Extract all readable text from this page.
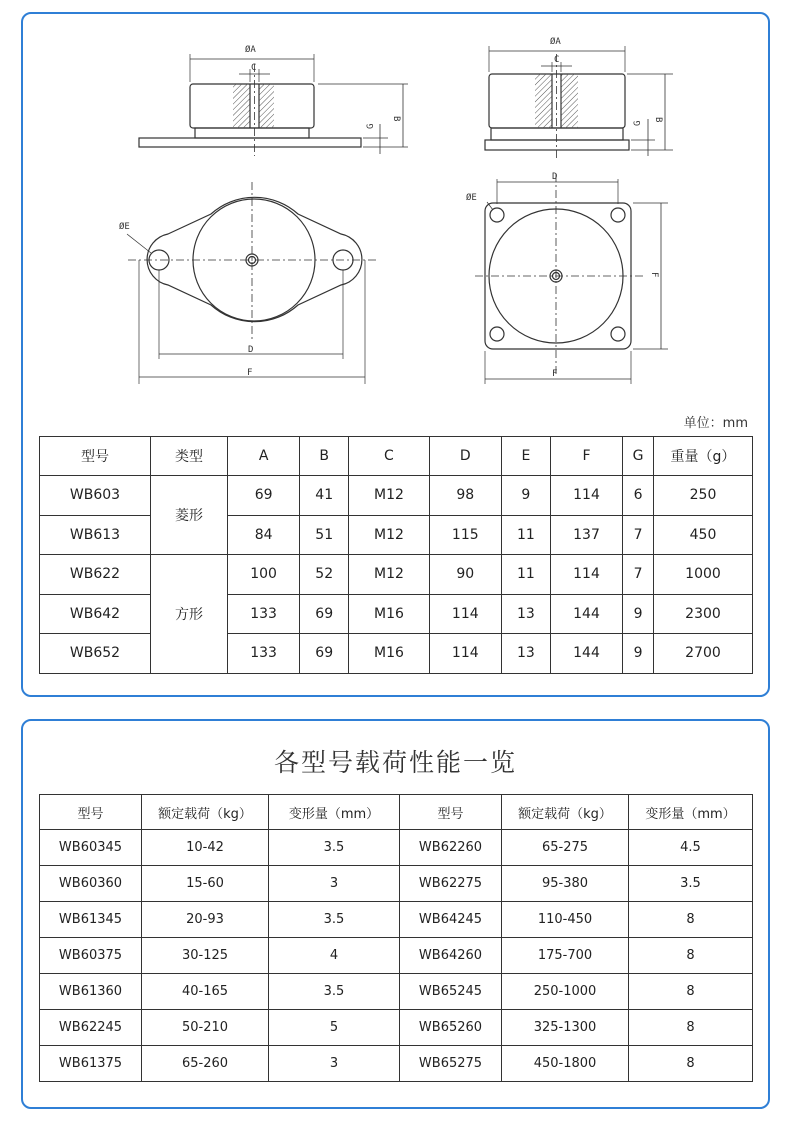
ØA
C
B
G
ØA
C
B
G
ØE
D
F
ØE
D
F
F
单位：mm
型号	类型	A	B	C	D	E	F	G	重量（g）
WB603	菱形	69	41	M12	98	9	114	6	250
WB613		84	51	M12	115	11	137	7	450
WB622	方形	100	52	M12	90	11	114	7	1000
WB642		133	69	M16	114	13	144	9	2300
WB652		133	69	M16	114	13	144	9	2700
各型号载荷性能一览
型号	额定载荷（kg）	变形量（mm）	型号	额定载荷（kg）	变形量（mm）
WB60345	10-42	3.5	WB62260	65-275	4.5
WB60360	15-60	3	WB62275	95-380	3.5
WB61345	20-93	3.5	WB64245	110-450	8
WB60375	30-125	4	WB64260	175-700	8
WB61360	40-165	3.5	WB65245	250-1000	8
WB62245	50-210	5	WB65260	325-1300	8
WB61375	65-260	3	WB65275	450-1800	8
